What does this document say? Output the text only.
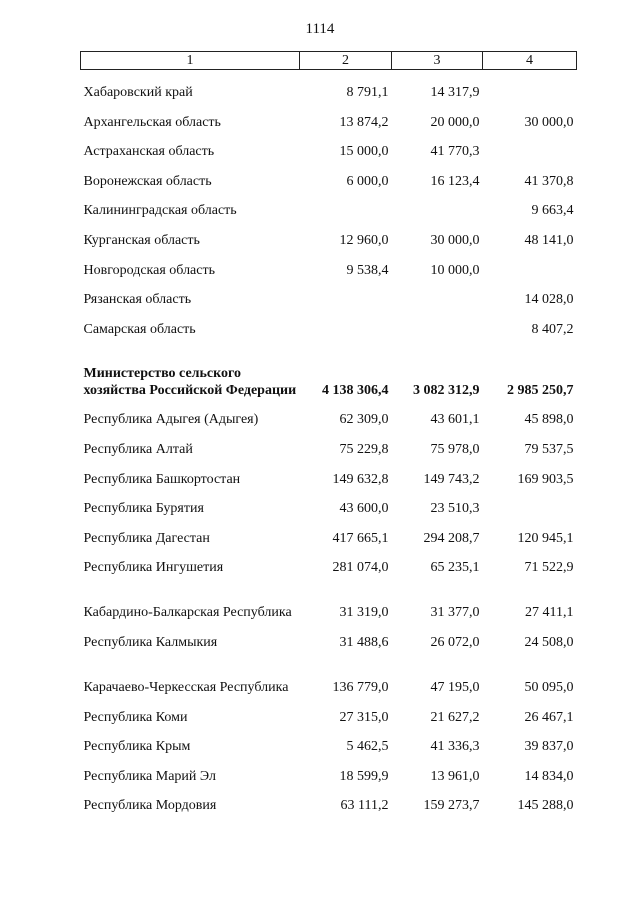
1114
1	2	3	4
Хабаровский край	8 791,1	14 317,9	
Архангельская область	13 874,2	20 000,0	30 000,0
Астраханская область	15 000,0	41 770,3	
Воронежская область	6 000,0	16 123,4	41 370,8
Калининградская область			9 663,4
Курганская область	12 960,0	30 000,0	48 141,0
Новгородская область	9 538,4	10 000,0	
Рязанская область			14 028,0
Самарская область			8 407,2
Министерство сельского хозяйства Российской Федерации	4 138 306,4	3 082 312,9	2 985 250,7
Республика Адыгея (Адыгея)	62 309,0	43 601,1	45 898,0
Республика Алтай	75 229,8	75 978,0	79 537,5
Республика Башкортостан	149 632,8	149 743,2	169 903,5
Республика Бурятия	43 600,0	23 510,3	
Республика Дагестан	417 665,1	294 208,7	120 945,1
Республика Ингушетия	281 074,0	65 235,1	71 522,9
Кабардино-Балкарская Республика	31 319,0	31 377,0	27 411,1
Республика Калмыкия	31 488,6	26 072,0	24 508,0
Карачаево-Черкесская Республика	136 779,0	47 195,0	50 095,0
Республика Коми	27 315,0	21 627,2	26 467,1
Республика Крым	5 462,5	41 336,3	39 837,0
Республика Марий Эл	18 599,9	13 961,0	14 834,0
Республика Мордовия	63 111,2	159 273,7	145 288,0
